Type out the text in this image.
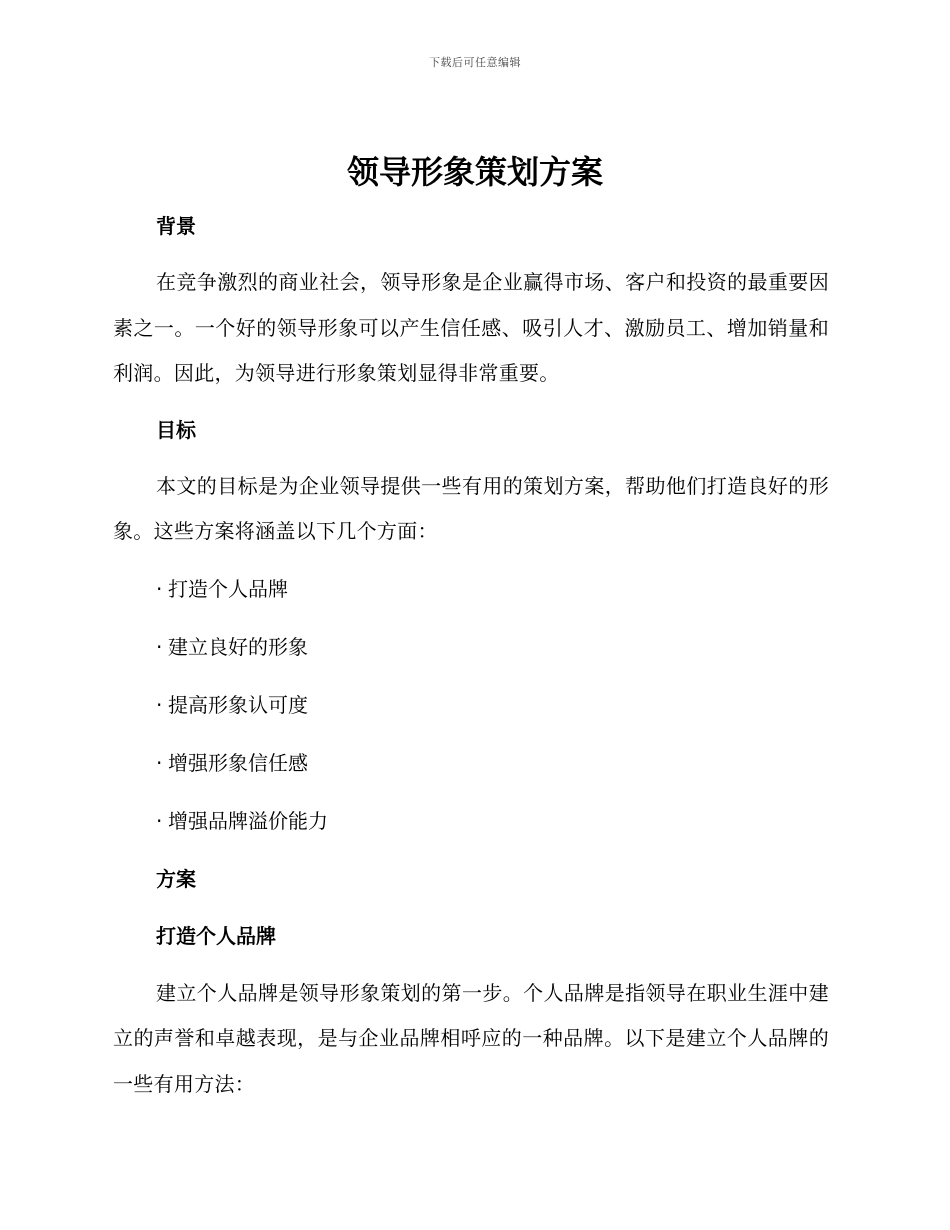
下载后可任意编辑
领导形象策划方案

背景

在竞争激烈的商业社会，领导形象是企业赢得市场、客户和投资的最重要因素之一。一个好的领导形象可以产生信任感、吸引人才、激励员工、增加销量和利润。因此，为领导进行形象策划显得非常重要。

目标

本文的目标是为企业领导提供一些有用的策划方案，帮助他们打造良好的形象。这些方案将涵盖以下几个方面：

· 打造个人品牌

· 建立良好的形象

· 提高形象认可度

· 增强形象信任感

· 增强品牌溢价能力

方案

打造个人品牌

建立个人品牌是领导形象策划的第一步。个人品牌是指领导在职业生涯中建立的声誉和卓越表现，是与企业品牌相呼应的一种品牌。以下是建立个人品牌的一些有用方法：
